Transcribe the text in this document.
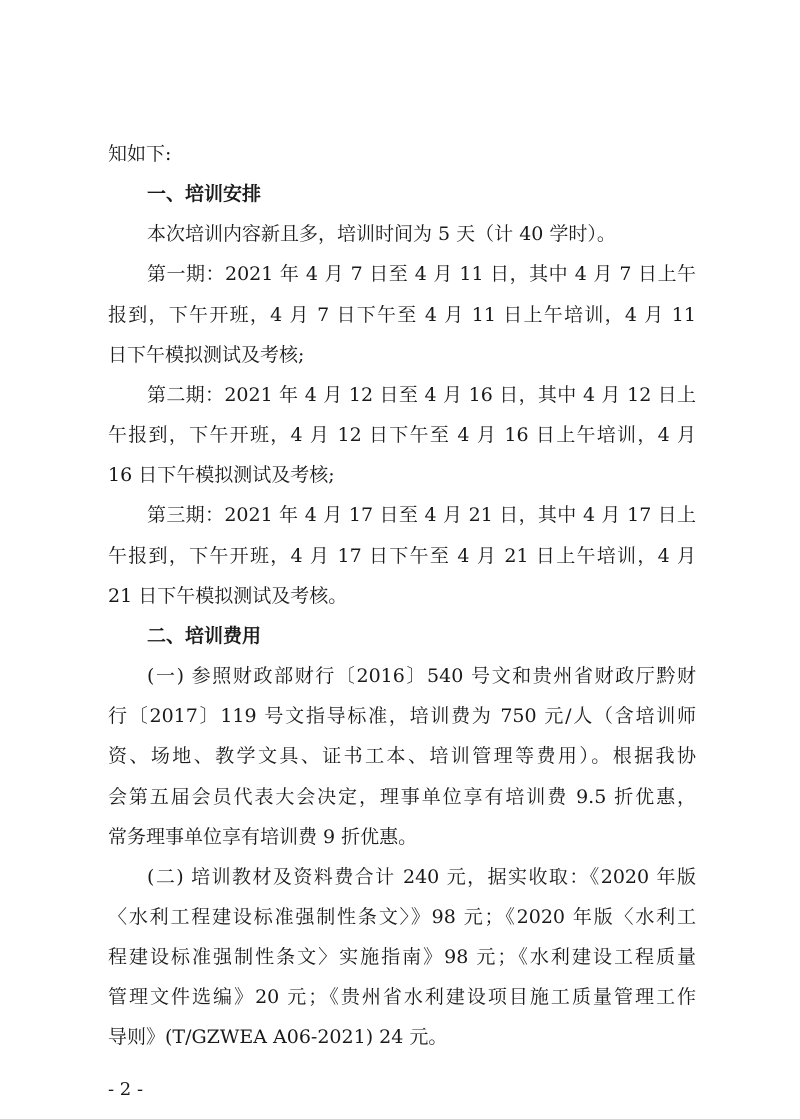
知如下:
一、培训安排
本次培训内容新且多，培训时间为 5 天（计 40 学时）。
第一期：2021 年 4 月 7 日至 4 月 11 日，其中 4 月 7 日上午
报到，下午开班，4 月 7 日下午至 4 月 11 日上午培训，4 月 11
日下午模拟测试及考核;
第二期：2021 年 4 月 12 日至 4 月 16 日，其中 4 月 12 日上
午报到，下午开班，4 月 12 日下午至 4 月 16 日上午培训，4 月
16 日下午模拟测试及考核;
第三期：2021 年 4 月 17 日至 4 月 21 日，其中 4 月 17 日上
午报到，下午开班，4 月 17 日下午至 4 月 21 日上午培训，4 月
21 日下午模拟测试及考核。
二、培训费用
(一) 参照财政部财行〔2016〕540 号文和贵州省财政厅黔财
行〔2017〕119 号文指导标准，培训费为 750 元/人（含培训师
资、场地、教学文具、证书工本、培训管理等费用）。根据我协
会第五届会员代表大会决定，理事单位享有培训费 9.5 折优惠，
常务理事单位享有培训费 9 折优惠。
(二) 培训教材及资料费合计 240 元，据实收取：《2020 年版
〈水利工程建设标准强制性条文〉》98 元；《2020 年版〈水利工
程建设标准强制性条文〉实施指南》98 元；《水利建设工程质量
管理文件选编》20 元；《贵州省水利建设项目施工质量管理工作
导则》(T/GZWEA A06-2021) 24 元。
- 2 -
